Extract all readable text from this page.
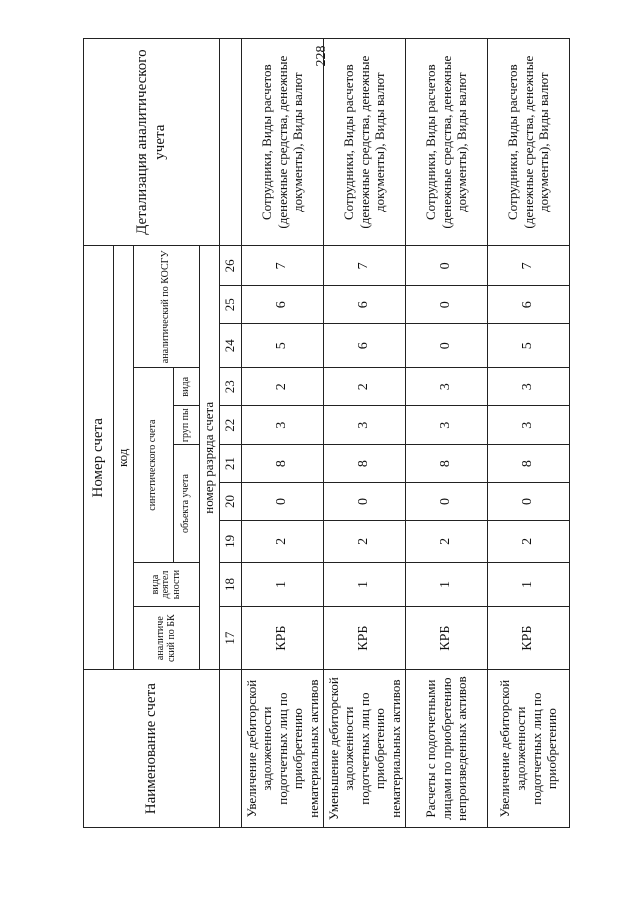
228
Наименование счета	Номер счета										Детализация аналитического учета
	код										
	аналитиче ский по БК	вида деятел ьности	синтетического счета					аналитический по КОСГУ			
			объекта учета			груп пы	вида				
	номер разряда счета										
	17	18	19	20	21	22	23	24	25	26	
Увеличение дебиторской задолженности подотчетных лиц по приобретению нематериальных активов	КРБ	1	2	0	8	3	2	5	6	7	Сотрудники, Виды расчетов (денежные средства, денежные документы), Виды валют
Уменьшение дебиторской задолженности подотчетных лиц по приобретению нематериальных активов	КРБ	1	2	0	8	3	2	6	6	7	Сотрудники, Виды расчетов (денежные средства, денежные документы), Виды валют
Расчеты с подотчетными лицами по приобретению непроизведенных активов	КРБ	1	2	0	8	3	3	0	0	0	Сотрудники, Виды расчетов (денежные средства, денежные документы), Виды валют
Увеличение дебиторской задолженности подотчетных лиц по приобретению	КРБ	1	2	0	8	3	3	5	6	7	Сотрудники, Виды расчетов (денежные средства, денежные документы), Виды валют
